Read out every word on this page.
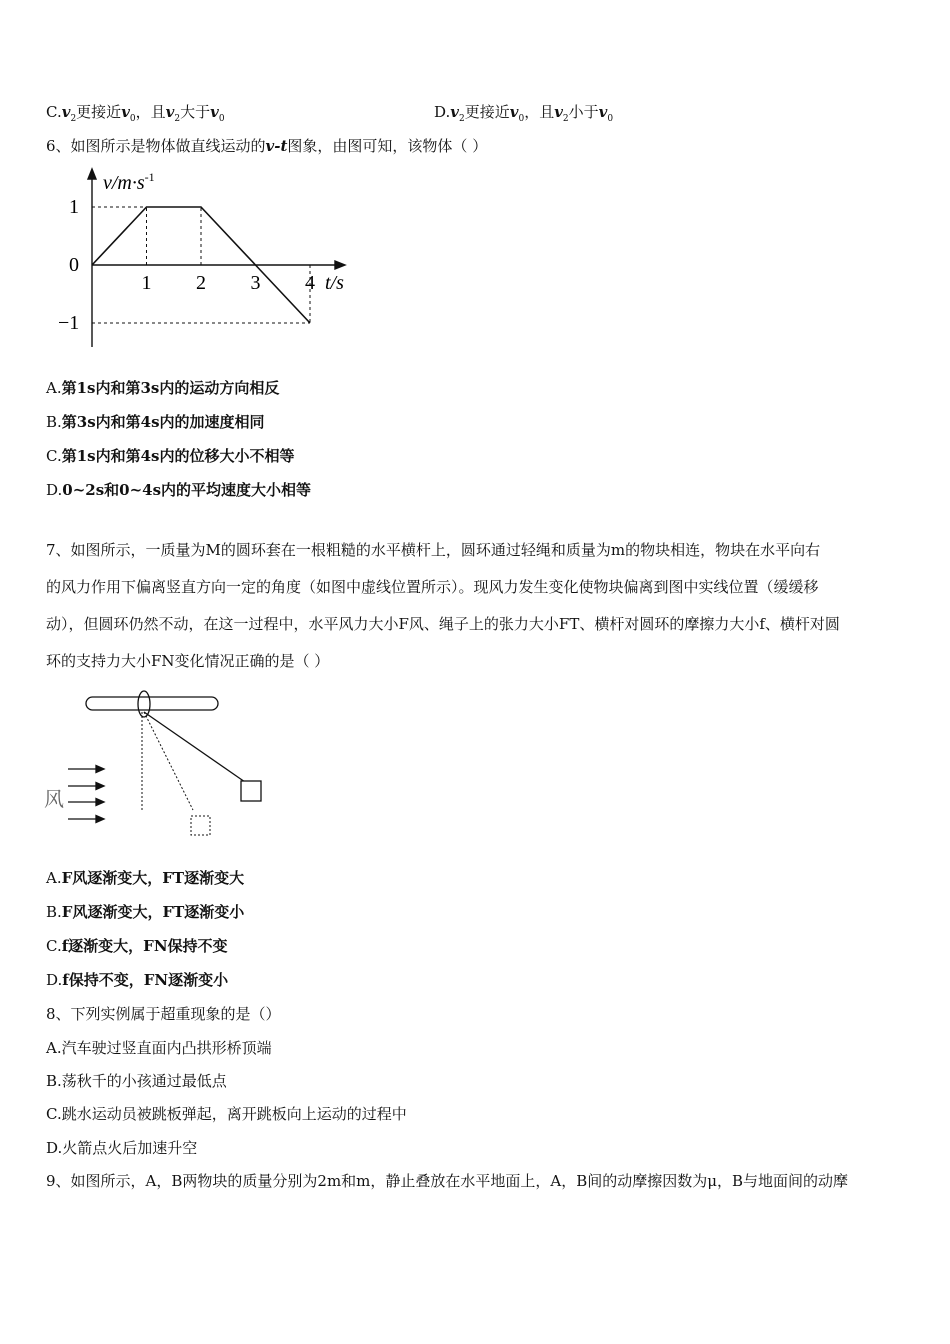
$C.v_2$更接近$v_0$，且$v_2$大于$v_0$	$D.v_2$更接近$v_0$，且$v_2$小于$v_0$
6、如图所示是物体做直线运动的v-t图象，由图可知，该物体（ ）
1 2 3 4
1
0
−1
$v/m\cdot s^{-1}$
t/s
A.第1s内和第3s内的运动方向相反
B.第3s内和第4s内的加速度相同
C.第1s内和第4s内的位移大小不相等
D.0~2s和0~4s内的平均速度大小相等
7、如图所示，一质量为M的圆环套在一根粗糙的水平横杆上，圆环通过轻绳和质量为m的物块相连，物块在水平向右
的风力作用下偏离竖直方向一定的角度（如图中虚线位置所示）。现风力发生变化使物块偏离到图中实线位置（缓缓移
动），但圆环仍然不动，在这一过程中，水平风力大小F风、绳子上的张力大小FT、横杆对圆环的摩擦力大小f、横杆对圆
环的支持力大小FN变化情况正确的是（ ）
风
A.F风逐渐变大，FT逐渐变大
B.F风逐渐变大，FT逐渐变小
C.f逐渐变大，FN保持不变
D.f保持不变，FN逐渐变小
8、下列实例属于超重现象的是（）
A.汽车驶过竖直面内凸拱形桥顶端
B.荡秋千的小孩通过最低点
C.跳水运动员被跳板弹起，离开跳板向上运动的过程中
D.火箭点火后加速升空
9、如图所示，A，B两物块的质量分别为2m和m，静止叠放在水平地面上，A，B间的动摩擦因数为μ，B与地面间的动摩
